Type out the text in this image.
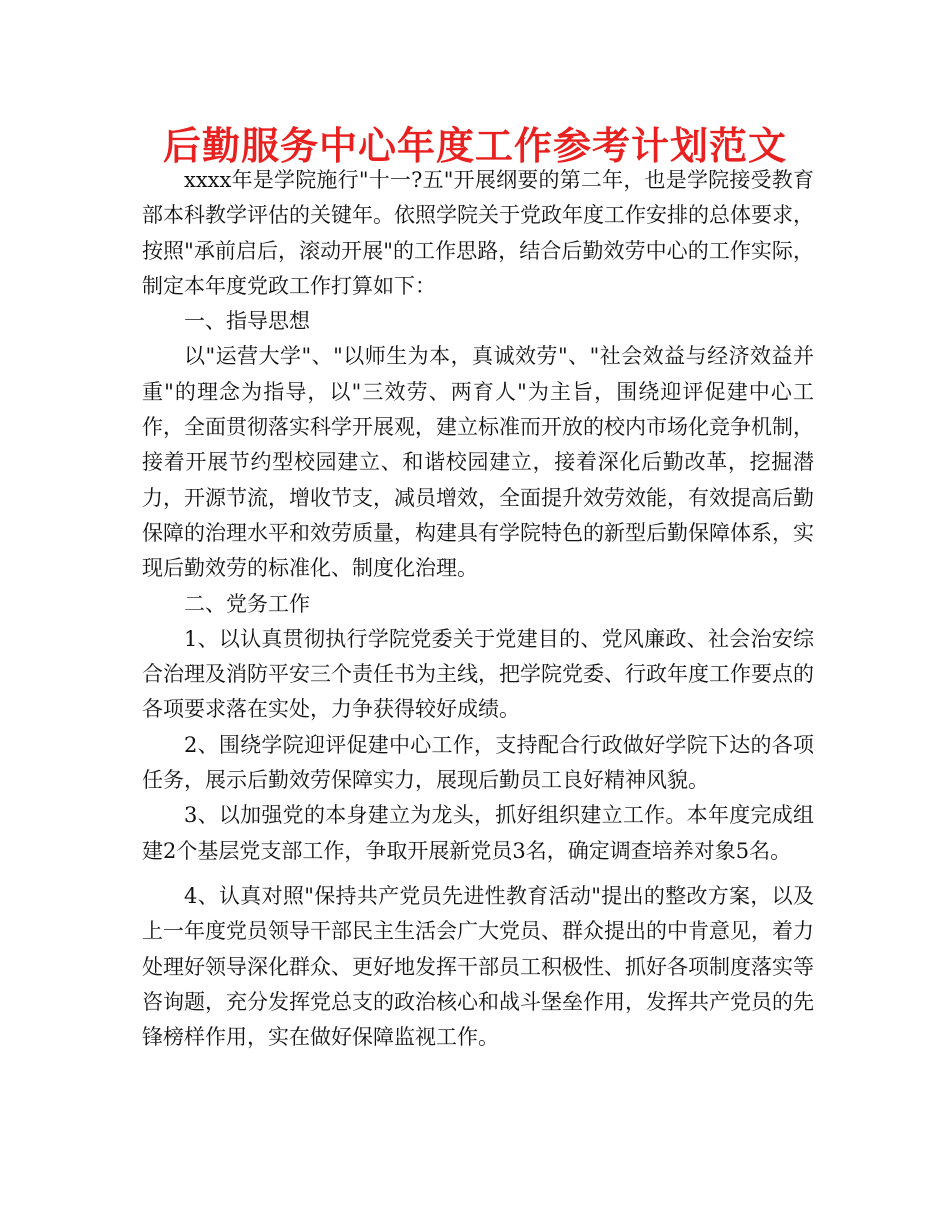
后勤服务中心年度工作参考计划范文

xxxx年是学院施行"十一?五"开展纲要的第二年，也是学院接受教育部本科教学评估的关键年。依照学院关于党政年度工作安排的总体要求，按照"承前启后，滚动开展"的工作思路，结合后勤效劳中心的工作实际，制定本年度党政工作打算如下：

一、指导思想

以"运营大学"、"以师生为本，真诚效劳"、"社会效益与经济效益并重"的理念为指导，以"三效劳、两育人"为主旨，围绕迎评促建中心工作，全面贯彻落实科学开展观，建立标准而开放的校内市场化竞争机制，接着开展节约型校园建立、和谐校园建立，接着深化后勤改革，挖掘潜力，开源节流，增收节支，减员增效，全面提升效劳效能，有效提高后勤保障的治理水平和效劳质量，构建具有学院特色的新型后勤保障体系，实现后勤效劳的标准化、制度化治理。

二、党务工作

1、以认真贯彻执行学院党委关于党建目的、党风廉政、社会治安综合治理及消防平安三个责任书为主线，把学院党委、行政年度工作要点的各项要求落在实处，力争获得较好成绩。

2、围绕学院迎评促建中心工作，支持配合行政做好学院下达的各项任务，展示后勤效劳保障实力，展现后勤员工良好精神风貌。

3、以加强党的本身建立为龙头，抓好组织建立工作。本年度完成组建2个基层党支部工作，争取开展新党员3名，确定调查培养对象5名。

4、认真对照"保持共产党员先进性教育活动"提出的整改方案，以及上一年度党员领导干部民主生活会广大党员、群众提出的中肯意见，着力处理好领导深化群众、更好地发挥干部员工积极性、抓好各项制度落实等咨询题，充分发挥党总支的政治核心和战斗堡垒作用，发挥共产党员的先锋榜样作用，实在做好保障监视工作。
